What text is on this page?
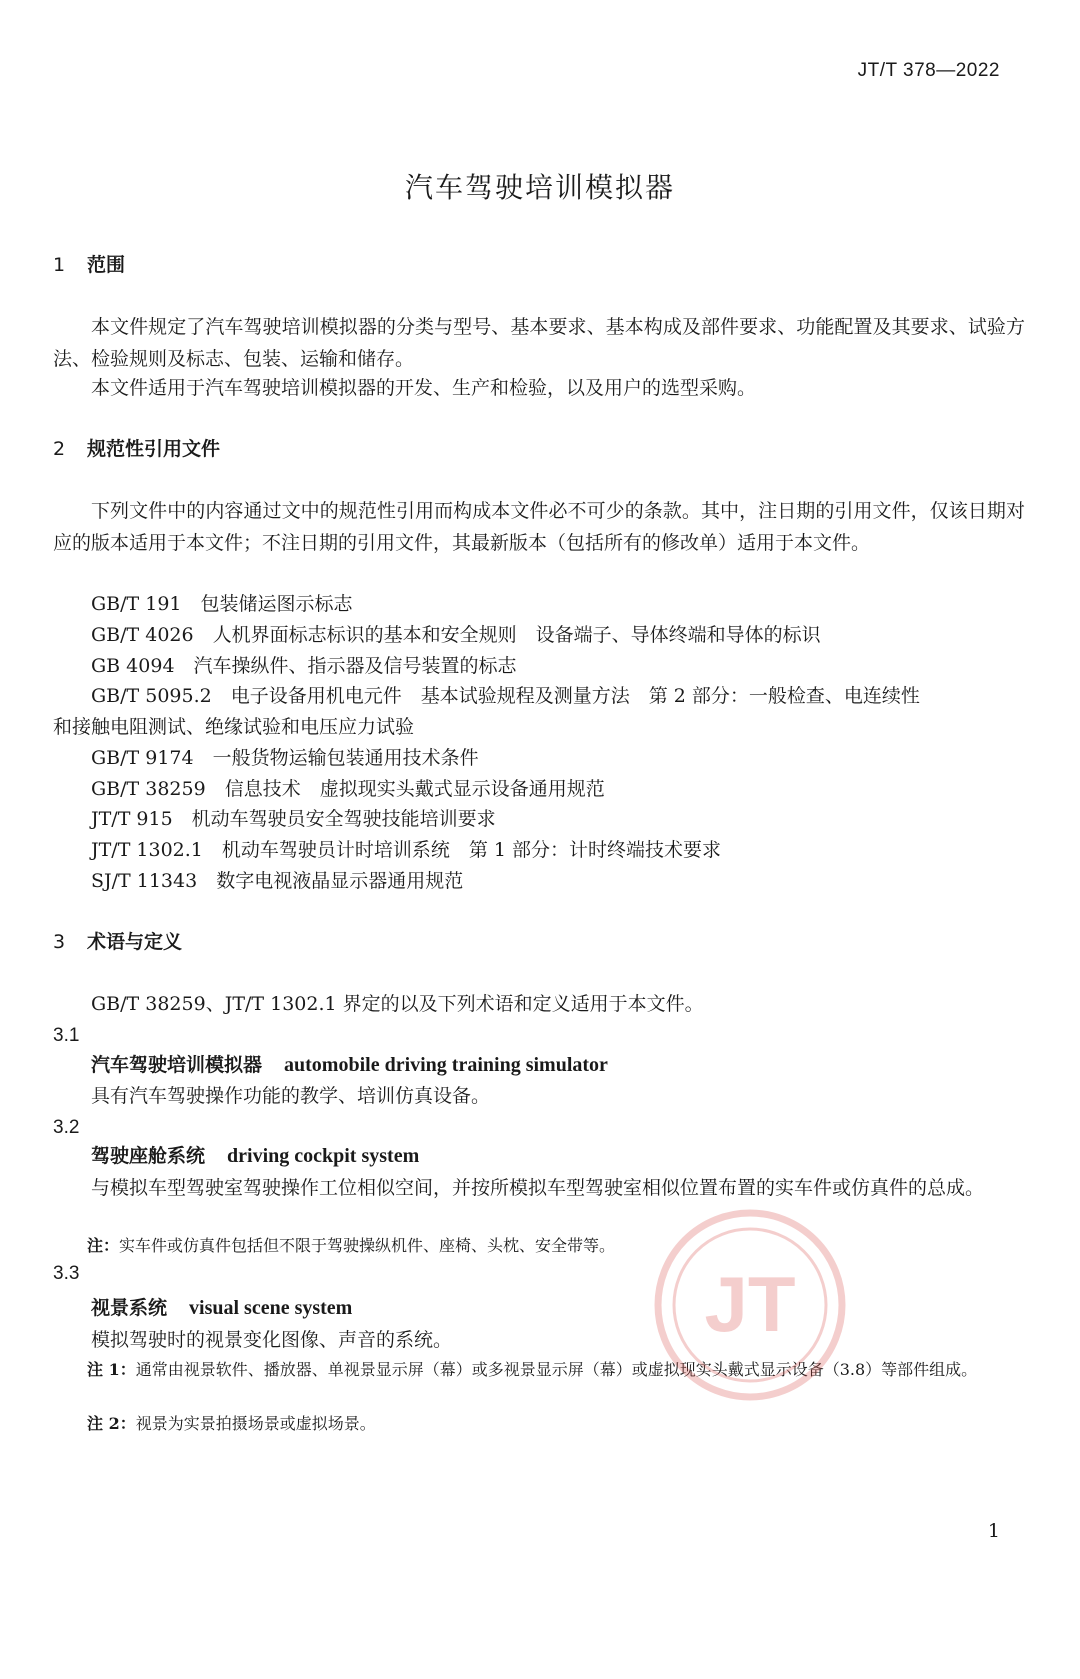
JT/T 378—2022
汽车驾驶培训模拟器
1 范围
本文件规定了汽车驾驶培训模拟器的分类与型号、基本要求、基本构成及部件要求、功能配置及其要求、试验方法、检验规则及标志、包装、运输和储存。
本文件适用于汽车驾驶培训模拟器的开发、生产和检验，以及用户的选型采购。
2 规范性引用文件
下列文件中的内容通过文中的规范性引用而构成本文件必不可少的条款。其中，注日期的引用文件，仅该日期对应的版本适用于本文件；不注日期的引用文件，其最新版本（包括所有的修改单）适用于本文件。
GB/T 191  包装储运图示标志
GB/T 4026  人机界面标志标识的基本和安全规则　设备端子、导体终端和导体的标识
GB 4094  汽车操纵件、指示器及信号装置的标志
GB/T 5095.2  电子设备用机电元件　基本试验规程及测量方法　第 2 部分：一般检查、电连续性
和接触电阻测试、绝缘试验和电压应力试验
GB/T 9174  一般货物运输包装通用技术条件
GB/T 38259  信息技术　虚拟现实头戴式显示设备通用规范
JT/T 915  机动车驾驶员安全驾驶技能培训要求
JT/T 1302.1  机动车驾驶员计时培训系统　第 1 部分：计时终端技术要求
SJ/T 11343  数字电视液晶显示器通用规范
3 术语与定义
GB/T 38259、JT/T 1302.1 界定的以及下列术语和定义适用于本文件。
3.1
汽车驾驶培训模拟器 automobile driving training simulator
具有汽车驾驶操作功能的教学、培训仿真设备。
3.2
驾驶座舱系统 driving cockpit system
与模拟车型驾驶室驾驶操作工位相似空间，并按所模拟车型驾驶室相似位置布置的实车件或仿真件的总成。
注：实车件或仿真件包括但不限于驾驶操纵机件、座椅、头枕、安全带等。
3.3
视景系统 visual scene system
模拟驾驶时的视景变化图像、声音的系统。
注 1：通常由视景软件、播放器、单视景显示屏（幕）或多视景显示屏（幕）或虚拟现实头戴式显示设备（3.8）等部件组成。
注 2：视景为实景拍摄场景或虚拟场景。
JT
1
